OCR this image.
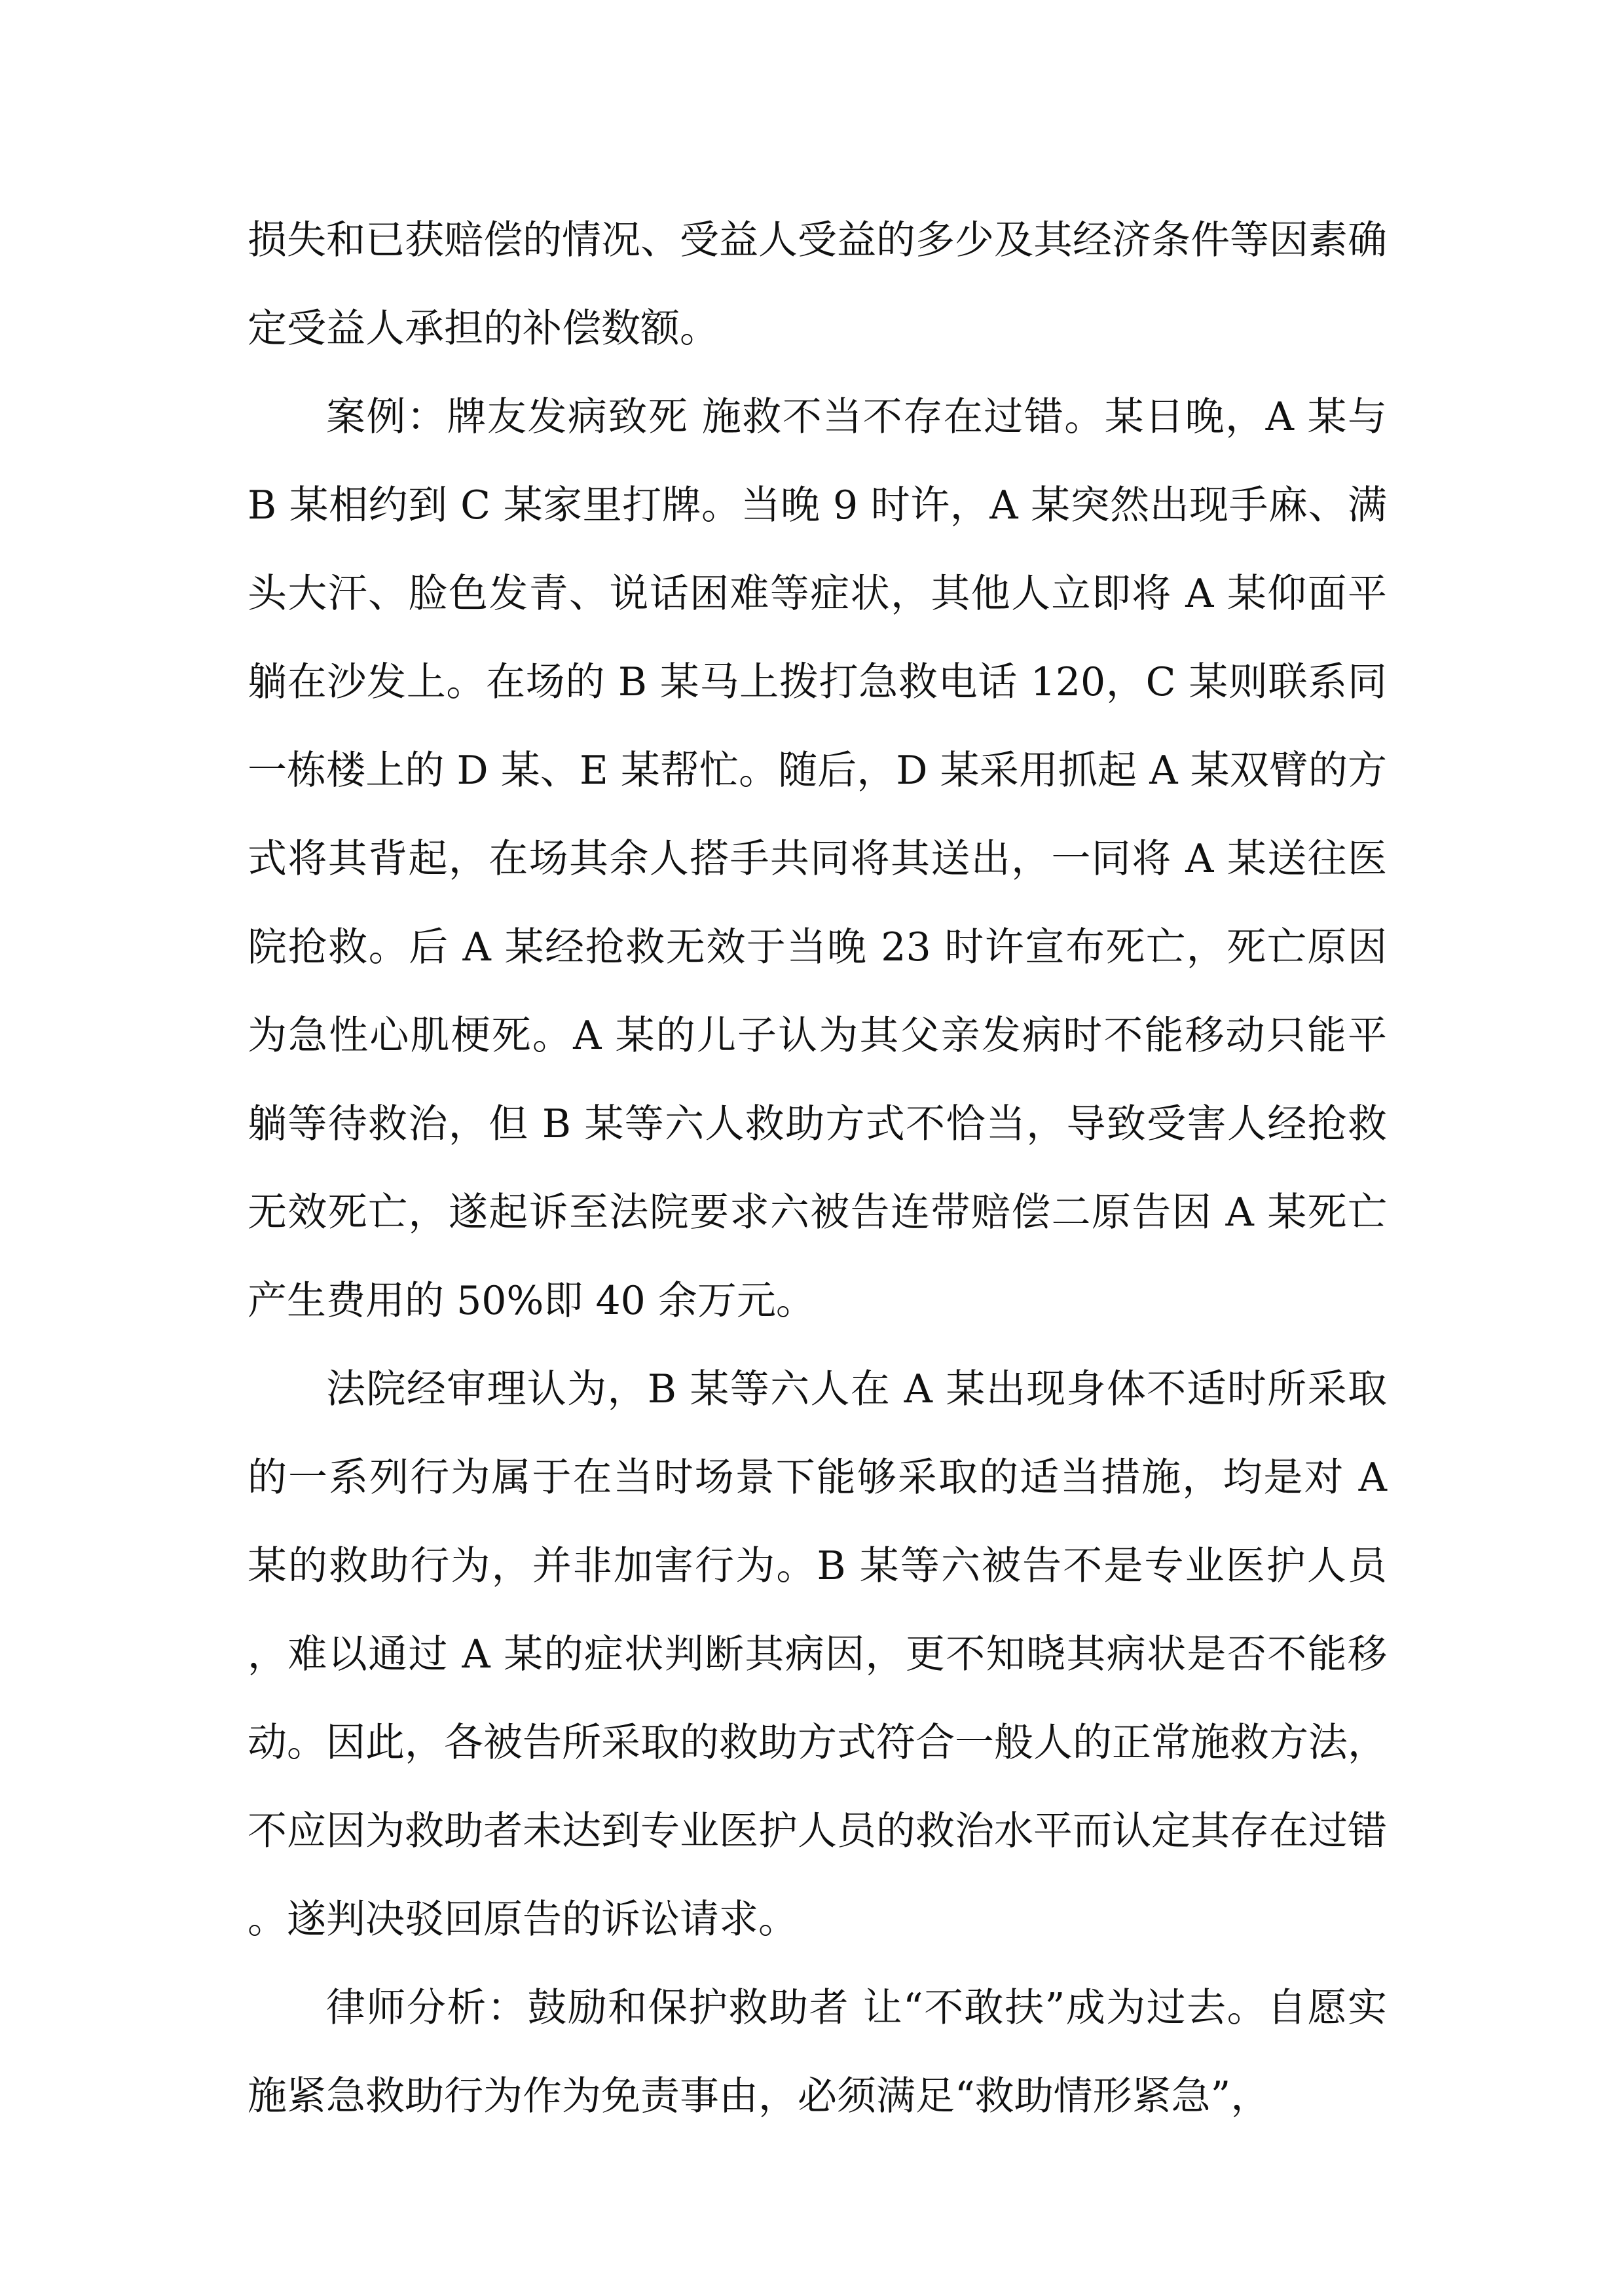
损失和已获赔偿的情况、受益人受益的多少及其经济条件等因素确定受益人承担的补偿数额。

案例：牌友发病致死 施救不当不存在过错。某日晚，A 某与 B 某相约到 C 某家里打牌。当晚 9 时许，A 某突然出现手麻、满头大汗、脸色发青、说话困难等症状，其他人立即将 A 某仰面平躺在沙发上。在场的 B 某马上拨打急救电话 120，C 某则联系同一栋楼上的 D 某、E 某帮忙。随后，D 某采用抓起 A 某双臂的方式将其背起，在场其余人搭手共同将其送出，一同将 A 某送往医院抢救。后 A 某经抢救无效于当晚 23 时许宣布死亡，死亡原因为急性心肌梗死。A 某的儿子认为其父亲发病时不能移动只能平躺等待救治，但 B 某等六人救助方式不恰当，导致受害人经抢救无效死亡，遂起诉至法院要求六被告连带赔偿二原告因 A 某死亡产生费用的 50%即 40 余万元。

法院经审理认为，B 某等六人在 A 某出现身体不适时所采取的一系列行为属于在当时场景下能够采取的适当措施，均是对 A 某的救助行为，并非加害行为。B 某等六被告不是专业医护人员，难以通过 A 某的症状判断其病因，更不知晓其病状是否不能移动。因此，各被告所采取的救助方式符合一般人的正常施救方法，不应因为救助者未达到专业医护人员的救治水平而认定其存在过错。遂判决驳回原告的诉讼请求。

律师分析：鼓励和保护救助者 让“不敢扶”成为过去。自愿实施紧急救助行为作为免责事由，必须满足“救助情形紧急”，
